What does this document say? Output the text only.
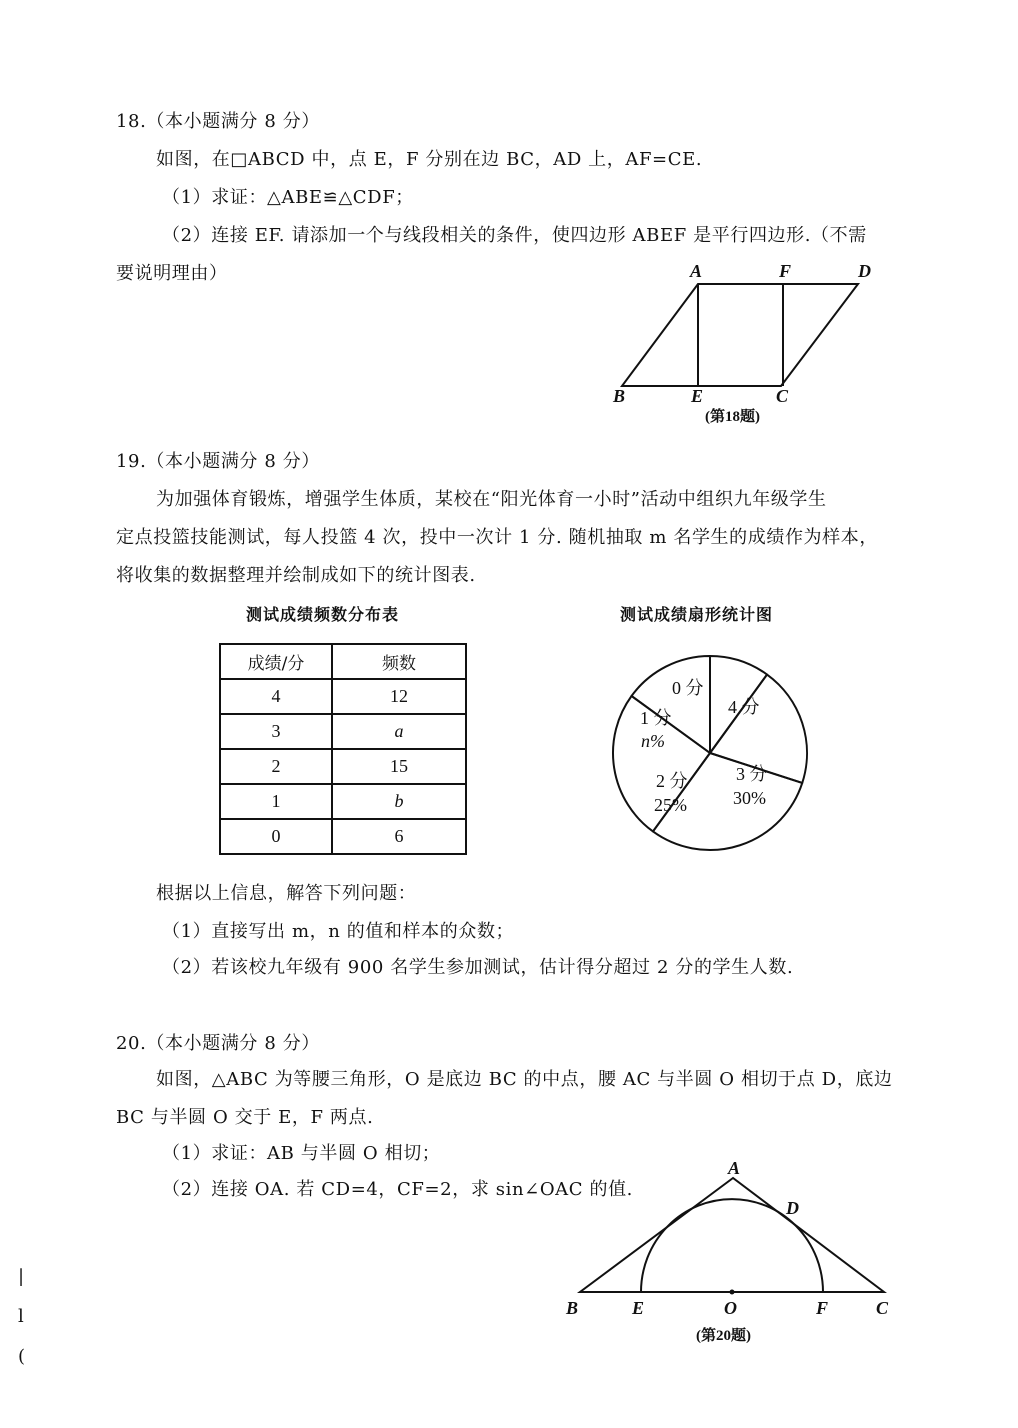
18.（本小题满分 8 分）
如图，在□ABCD 中，点 E，F 分别在边 BC，AD 上，AF=CE.
（1）求证：△ABE≌△CDF；
（2）连接 EF. 请添加一个与线段相关的条件，使四边形 ABEF 是平行四边形.（不需
要说明理由）	A	F	D
B	E	C
(第18题)
19.（本小题满分 8 分）
为加强体育锻炼，增强学生体质，某校在“阳光体育一小时”活动中组织九年级学生
定点投篮技能测试，每人投篮 4 次，投中一次计 1 分. 随机抽取 m 名学生的成绩作为样本，
将收集的数据整理并绘制成如下的统计图表.
测试成绩频数分布表	测试成绩扇形统计图
成绩/分	频数
4	12
3	a
2	15
1	b
0	6
0 分
4 分
1 分
n%
2 分
25%
3 分
30%
根据以上信息，解答下列问题：
（1）直接写出 m，n 的值和样本的众数；
（2）若该校九年级有 900 名学生参加测试，估计得分超过 2 分的学生人数.
20.（本小题满分 8 分）
如图，△ABC 为等腰三角形，O 是底边 BC 的中点，腰 AC 与半圆 O 相切于点 D，底边
BC 与半圆 O 交于 E，F 两点.
（1）求证：AB 与半圆 O 相切；
（2）连接 OA. 若 CD=4，CF=2，求 sin∠OAC 的值.
A
D
B	E	O	F	C
(第20题)
|
l
(
